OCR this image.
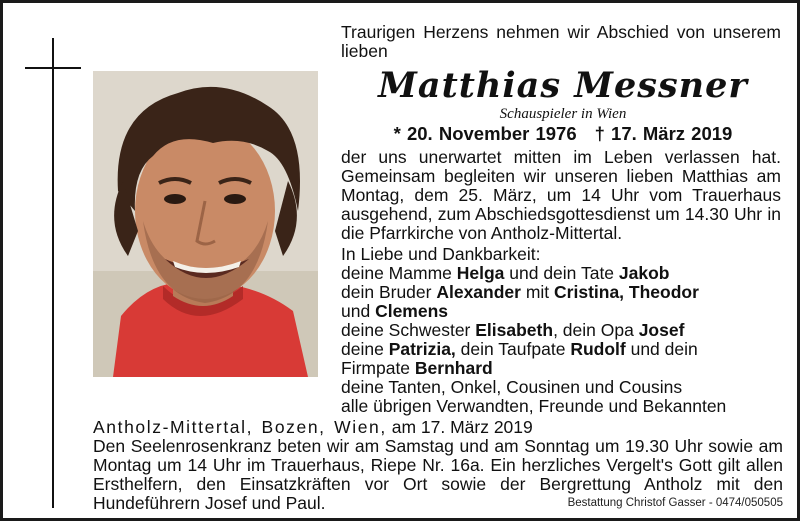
Traurigen Herzens nehmen wir Abschied von unserem lieben
Matthias Messner
Schauspieler in Wien
* 20. November 1976 † 17. März 2019
der uns unerwartet mitten im Leben verlassen hat. Gemeinsam begleiten wir unseren lieben Matthias am Montag, dem 25. März, um 14 Uhr vom Trauerhaus ausgehend, zum Abschiedsgottesdienst um 14.30 Uhr in die Pfarrkirche von Antholz-Mittertal.
In Liebe und Dankbarkeit:
deine Mamme Helga und dein Tate Jakob
dein Bruder Alexander mit Cristina, Theodor
und Clemens
deine Schwester Elisabeth, dein Opa Josef
deine Patrizia, dein Taufpate Rudolf und dein
Firmpate Bernhard
deine Tanten, Onkel, Cousinen und Cousins
alle übrigen Verwandten, Freunde und Bekannten
Antholz-Mittertal, Bozen, Wien, am 17. März 2019
Den Seelenrosenkranz beten wir am Samstag und am Sonntag um 19.30 Uhr sowie am Montag um 14 Uhr im Trauerhaus, Riepe Nr. 16a. Ein herzliches Vergelt's Gott gilt allen Ersthelfern, den Einsatzkräften vor Ort sowie der Bergrettung Antholz mit den Hundeführern Josef und Paul.	Bestattung Christof Gasser - 0474/050505
